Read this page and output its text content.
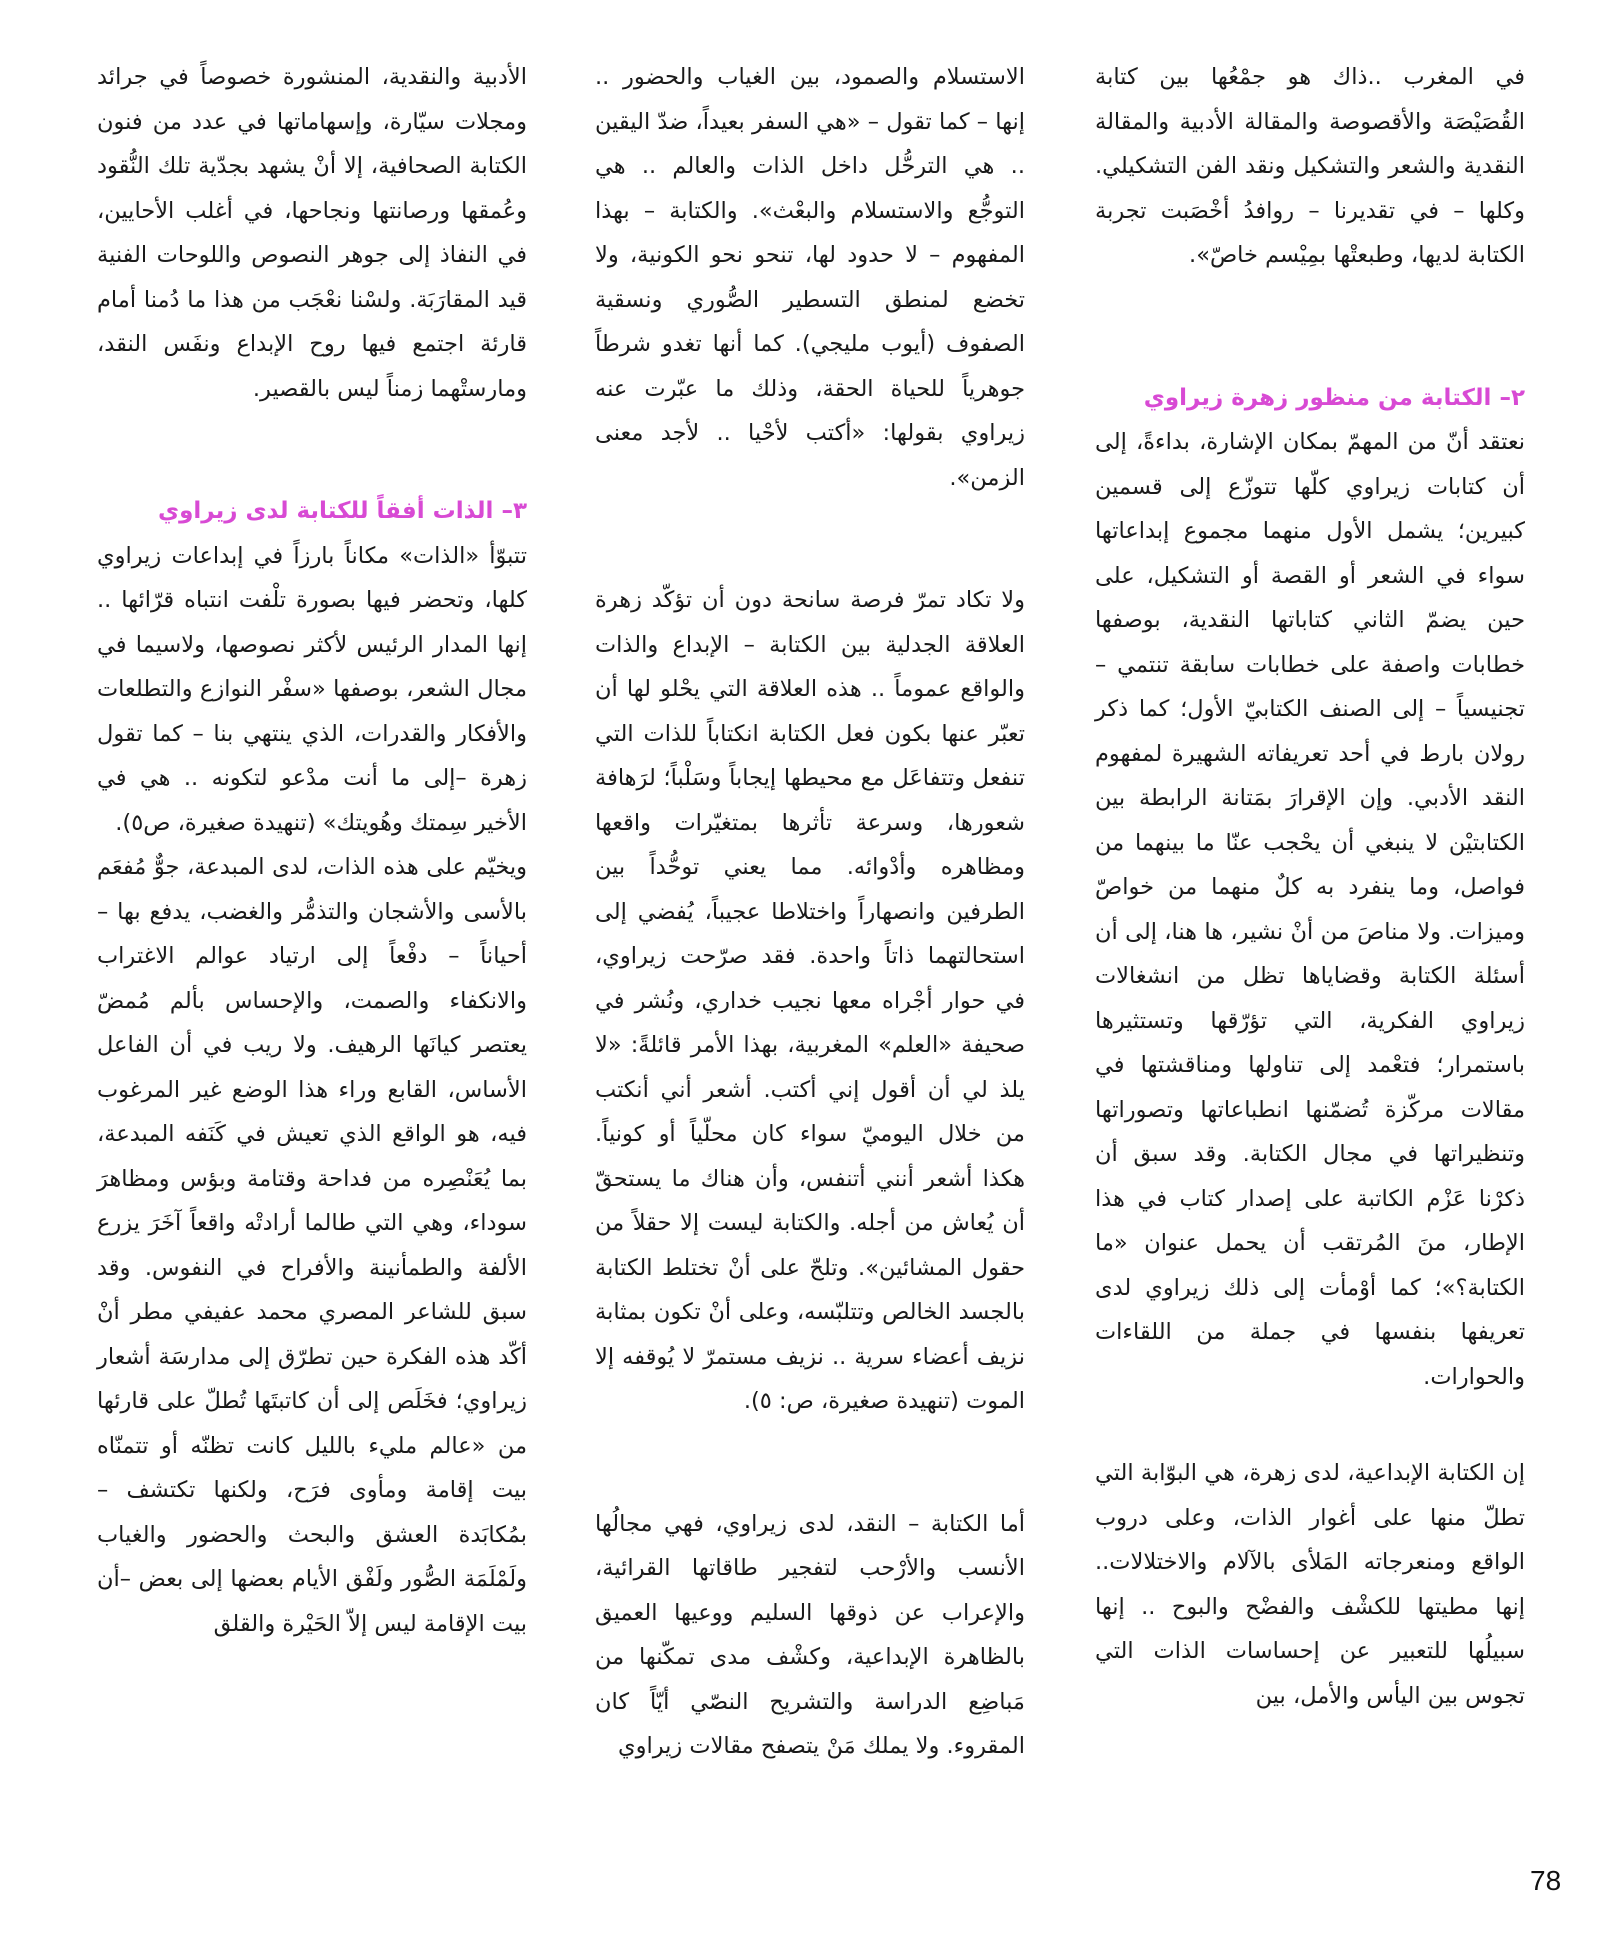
في المغرب ..ذاك هو جمْعُها بين كتابة القُصَيْصَة والأقصوصة والمقالة الأدبية والمقالة النقدية والشعر والتشكيل ونقد الفن التشكيلي. وكلها – في تقديرنا – روافدُ أخْصَبت تجربة الكتابة لديها، وطبعتْها بمِيْسم خاصّ».

٢– الكتابة من منظور زهرة زيراوي

نعتقد أنّ من المهمّ بمكان الإشارة، بداءةً، إلى أن كتابات زيراوي كلّها تتوزّع إلى قسمين كبيرين؛ يشمل الأول منهما مجموع إبداعاتها سواء في الشعر أو القصة أو التشكيل، على حين يضمّ الثاني كتاباتها النقدية، بوصفها خطابات واصفة على خطابات سابقة تنتمي – تجنيسياً – إلى الصنف الكتابيّ الأول؛ كما ذكر رولان بارط في أحد تعريفاته الشهيرة لمفهوم النقد الأدبي. وإن الإقرارَ بمَتانة الرابطة بين الكتابتيْن لا ينبغي أن يحْجب عنّا ما بينهما من فواصل، وما ينفرد به كلٌ منهما من خواصّ وميزات. ولا مناصَ من أنْ نشير، ها هنا، إلى أن أسئلة الكتابة وقضاياها تظل من انشغالات زيراوي الفكرية، التي تؤرّقها وتستثيرها باستمرار؛ فتعْمد إلى تناولها ومناقشتها في مقالات مركّزة تُضمّنها انطباعاتها وتصوراتها وتنظيراتها في مجال الكتابة. وقد سبق أن ذكرْنا عَزْم الكاتبة على إصدار كتاب في هذا الإطار، منَ المُرتقب أن يحمل عنوان «ما الكتابة؟»؛ كما أوْمأت إلى ذلك زيراوي لدى تعريفها بنفسها في جملة من اللقاءات والحوارات.

إن الكتابة الإبداعية، لدى زهرة، هي البوّابة التي تطلّ منها على أغوار الذات، وعلى دروب الواقع ومنعرجاته المَلأى بالآلام والاختلالات.. إنها مطيتها للكشْف والفضْح والبوح .. إنها سبيلُها للتعبير عن إحساسات الذات التي تجوس بين اليأس والأمل، بين

الاستسلام والصمود، بين الغياب والحضور .. إنها – كما تقول – «هي السفر بعيداً، ضدّ اليقين .. هي الترحُّل داخل الذات والعالم .. هي التوجُّع والاستسلام والبعْث». والكتابة – بهذا المفهوم – لا حدود لها، تنحو نحو الكونية، ولا تخضع لمنطق التسطير الصُّوري ونسقية الصفوف (أيوب مليجي). كما أنها تغدو شرطاً جوهرياً للحياة الحقة، وذلك ما عبّرت عنه زيراوي بقولها: «أكتب لأحْيا .. لأجد معنى الزمن».

ولا تكاد تمرّ فرصة سانحة دون أن تؤكّد زهرة العلاقة الجدلية بين الكتابة – الإبداع والذات والواقع عموماً .. هذه العلاقة التي يحْلو لها أن تعبّر عنها بكون فعل الكتابة انكتاباً للذات التي تنفعل وتتفاعَل مع محيطها إيجاباً وسَلْباً؛ لرَهافة شعورها، وسرعة تأثرها بمتغيّرات واقعها ومظاهره وأدْوائه. مما يعني توحُّداً بين الطرفين وانصهاراً واختلاطا عجيباً، يُفضي إلى استحالتهما ذاتاً واحدة. فقد صرّحت زيراوي، في حوار أجْراه معها نجيب خداري، ونُشر في صحيفة «العلم» المغربية، بهذا الأمر قائلةً: «لا يلذ لي أن أقول إني أكتب. أشعر أني أنكتب من خلال اليوميّ سواء كان محلّياً أو كونياً. هكذا أشعر أنني أتنفس، وأن هناك ما يستحقّ أن يُعاش من أجله. والكتابة ليست إلا حقلاً من حقول المشائين». وتلحّ على أنْ تختلط الكتابة بالجسد الخالص وتتلبّسه، وعلى أنْ تكون بمثابة نزيف أعضاء سرية .. نزيف مستمرّ لا يُوقفه إلا الموت (تنهيدة صغيرة، ص: ٥).

أما الكتابة – النقد، لدى زيراوي، فهي مجالُها الأنسب والأرْحب لتفجير طاقاتها القرائية، والإعراب عن ذوقها السليم ووعيها العميق بالظاهرة الإبداعية، وكشْف مدى تمكّنها من مَباضِع الدراسة والتشريح النصّي أيّاً كان المقروء. ولا يملك مَنْ يتصفح مقالات زيراوي

الأدبية والنقدية، المنشورة خصوصاً في جرائد ومجلات سيّارة، وإسهاماتها في عدد من فنون الكتابة الصحافية، إلا أنْ يشهد بجدّية تلك النُّقود وعُمقها ورصانتها ونجاحها، في أغلب الأحايين، في النفاذ إلى جوهر النصوص واللوحات الفنية قيد المقارَبَة. ولسْنا نعْجَب من هذا ما دُمنا أمام قارئة اجتمع فيها روح الإبداع ونفَس النقد، ومارستْهما زمناً ليس بالقصير.

٣– الذات أفقاً للكتابة لدى زيراوي

تتبوّأ «الذات» مكاناً بارزاً في إبداعات زيراوي كلها، وتحضر فيها بصورة تلْفت انتباه قرّائها .. إنها المدار الرئيس لأكثر نصوصها، ولاسيما في مجال الشعر، بوصفها «سفْر النوازع والتطلعات والأفكار والقدرات، الذي ينتهي بنا – كما تقول زهرة –إلى ما أنت مدْعو لتكونه .. هي في الأخير سِمتك وهُويتك» (تنهيدة صغيرة، ص٥).

ويخيّم على هذه الذات، لدى المبدعة، جوٌّ مُفعَم بالأسى والأشجان والتذمُّر والغضب، يدفع بها – أحياناً – دفْعاً إلى ارتياد عوالم الاغتراب والانكفاء والصمت، والإحساس بألم مُمضّ يعتصر كيانَها الرهيف. ولا ريب في أن الفاعل الأساس، القابع وراء هذا الوضع غير المرغوب فيه، هو الواقع الذي تعيش في كَنَفه المبدعة، بما يُعَنْصِره من فداحة وقتامة وبؤس ومظاهرَ سوداء، وهي التي طالما أرادتْه واقعاً آخَرَ يزرع الألفة والطمأنينة والأفراح في النفوس. وقد سبق للشاعر المصري محمد عفيفي مطر أنْ أكّد هذه الفكرة حين تطرّق إلى مدارسَة أشعار زيراوي؛ فخَلَص إلى أن كاتبتَها تُطلّ على قارئها من «عالم مليء بالليل كانت تظنّه أو تتمنّاه بيت إقامة ومأوى فرَح، ولكنها تكتشف – بمُكابَدة العشق والبحث والحضور والغياب ولَمْلَمَة الصُّور ولَفْق الأيام بعضها إلى بعض –أن بيت الإقامة ليس إلاّ الحَيْرة والقلق

78
